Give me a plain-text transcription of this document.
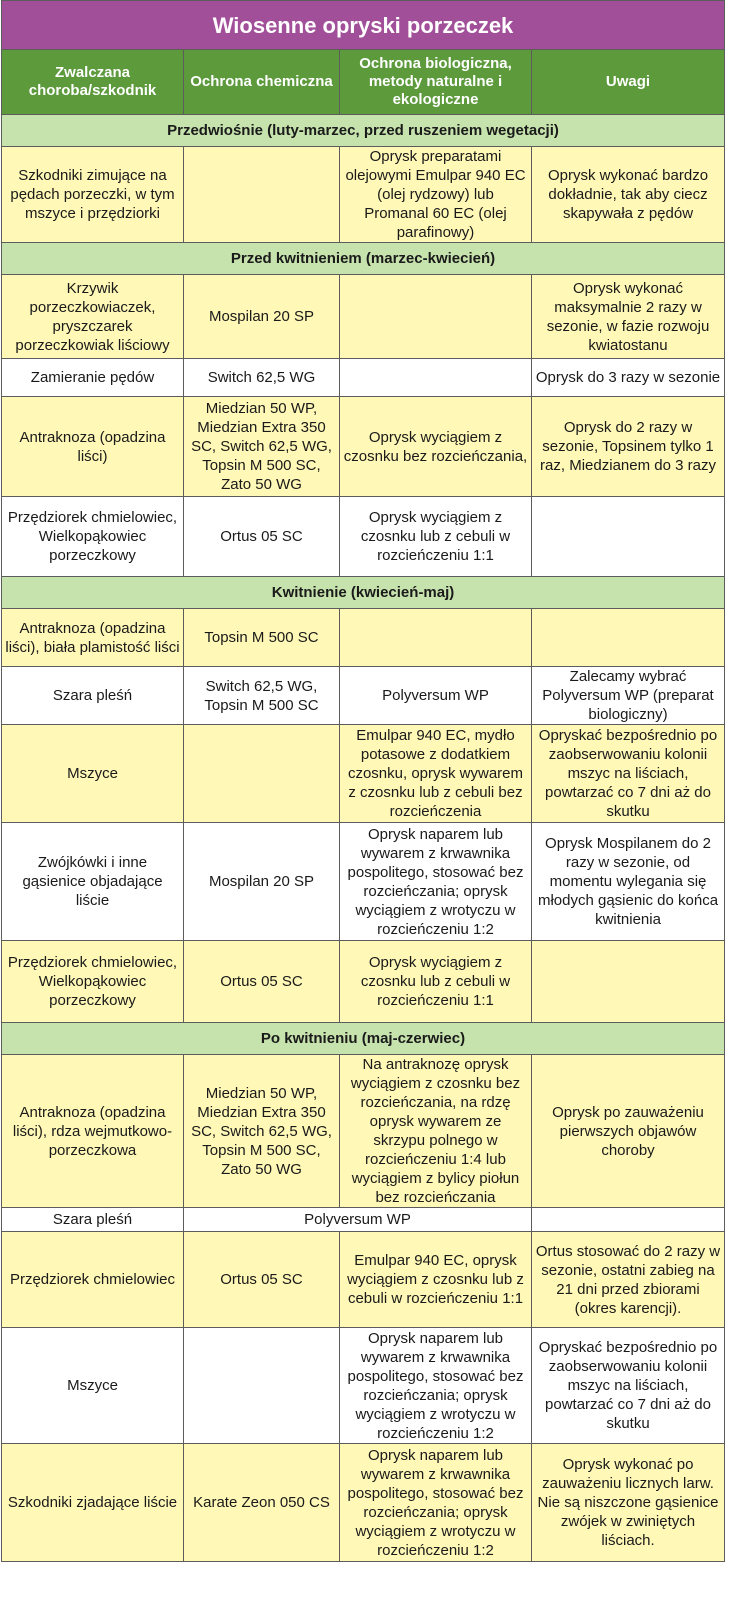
Wiosenne opryski porzeczek			
Zwalczana choroba/szkodnik	Ochrona chemiczna	Ochrona biologiczna, metody naturalne i ekologiczne	Uwagi
Przedwiośnie (luty-marzec, przed ruszeniem wegetacji)			
Szkodniki zimujące na pędach porzeczki, w tym mszyce i przędziorki		Oprysk preparatami olejowymi Emulpar 940 EC (olej rydzowy) lub Promanal 60 EC (olej parafinowy)	Oprysk wykonać bardzo dokładnie, tak aby ciecz skapywała z pędów
Przed kwitnieniem (marzec-kwiecień)			
Krzywik porzeczkowiaczek, pryszczarek porzeczkowiak liściowy	Mospilan 20 SP		Oprysk wykonać maksymalnie 2 razy w sezonie, w fazie rozwoju kwiatostanu
Zamieranie pędów	Switch 62,5 WG		Oprysk do 3 razy w sezonie
Antraknoza (opadzina liści)	Miedzian 50 WP, Miedzian Extra 350 SC, Switch 62,5 WG, Topsin M 500 SC, Zato 50 WG	Oprysk wyciągiem z czosnku bez rozcieńczania,	Oprysk do 2 razy w sezonie, Topsinem tylko 1 raz, Miedzianem do 3 razy
Przędziorek chmielowiec, Wielkopąkowiec porzeczkowy	Ortus 05 SC	Oprysk wyciągiem z czosnku lub z cebuli w rozcieńczeniu 1:1	
Kwitnienie (kwiecień-maj)			
Antraknoza (opadzina liści), biała plamistość liści	Topsin M 500 SC		
Szara pleśń	Switch 62,5 WG, Topsin M 500 SC	Polyversum WP	Zalecamy wybrać Polyversum WP (preparat biologiczny)
Mszyce		Emulpar 940 EC, mydło potasowe z dodatkiem czosnku, oprysk wywarem z czosnku lub z cebuli bez rozcieńczenia	Opryskać bezpośrednio po zaobserwowaniu kolonii mszyc na liściach, powtarzać co 7 dni aż do skutku
Zwójkówki i inne gąsienice objadające liście	Mospilan 20 SP	Oprysk naparem lub wywarem z krwawnika pospolitego, stosować bez rozcieńczania; oprysk wyciągiem z wrotyczu w rozcieńczeniu 1:2	Oprysk Mospilanem do 2 razy w sezonie, od momentu wylegania się młodych gąsienic do końca kwitnienia
Przędziorek chmielowiec, Wielkopąkowiec porzeczkowy	Ortus 05 SC	Oprysk wyciągiem z czosnku lub z cebuli w rozcieńczeniu 1:1	
Po kwitnieniu (maj-czerwiec)			
Antraknoza (opadzina liści), rdza wejmutkowo-porzeczkowa	Miedzian 50 WP, Miedzian Extra 350 SC, Switch 62,5 WG, Topsin M 500 SC, Zato 50 WG	Na antraknozę oprysk wyciągiem z czosnku bez rozcieńczania, na rdzę oprysk wywarem ze skrzypu polnego w rozcieńczeniu 1:4 lub wyciągiem z bylicy piołun bez rozcieńczania	Oprysk po zauważeniu pierwszych objawów choroby
Szara pleśń	Polyversum WP		
Przędziorek chmielowiec	Ortus 05 SC	Emulpar 940 EC, oprysk wyciągiem z czosnku lub z cebuli w rozcieńczeniu 1:1	Ortus stosować do 2 razy w sezonie, ostatni zabieg na 21 dni przed zbiorami (okres karencji).
Mszyce		Oprysk naparem lub wywarem z krwawnika pospolitego, stosować bez rozcieńczania; oprysk wyciągiem z wrotyczu w rozcieńczeniu 1:2	Opryskać bezpośrednio po zaobserwowaniu kolonii mszyc na liściach, powtarzać co 7 dni aż do skutku
Szkodniki zjadające liście	Karate Zeon 050 CS	Oprysk naparem lub wywarem z krwawnika pospolitego, stosować bez rozcieńczania; oprysk wyciągiem z wrotyczu w rozcieńczeniu 1:2	Oprysk wykonać po zauważeniu licznych larw. Nie są niszczone gąsienice zwójek w zwiniętych liściach.
